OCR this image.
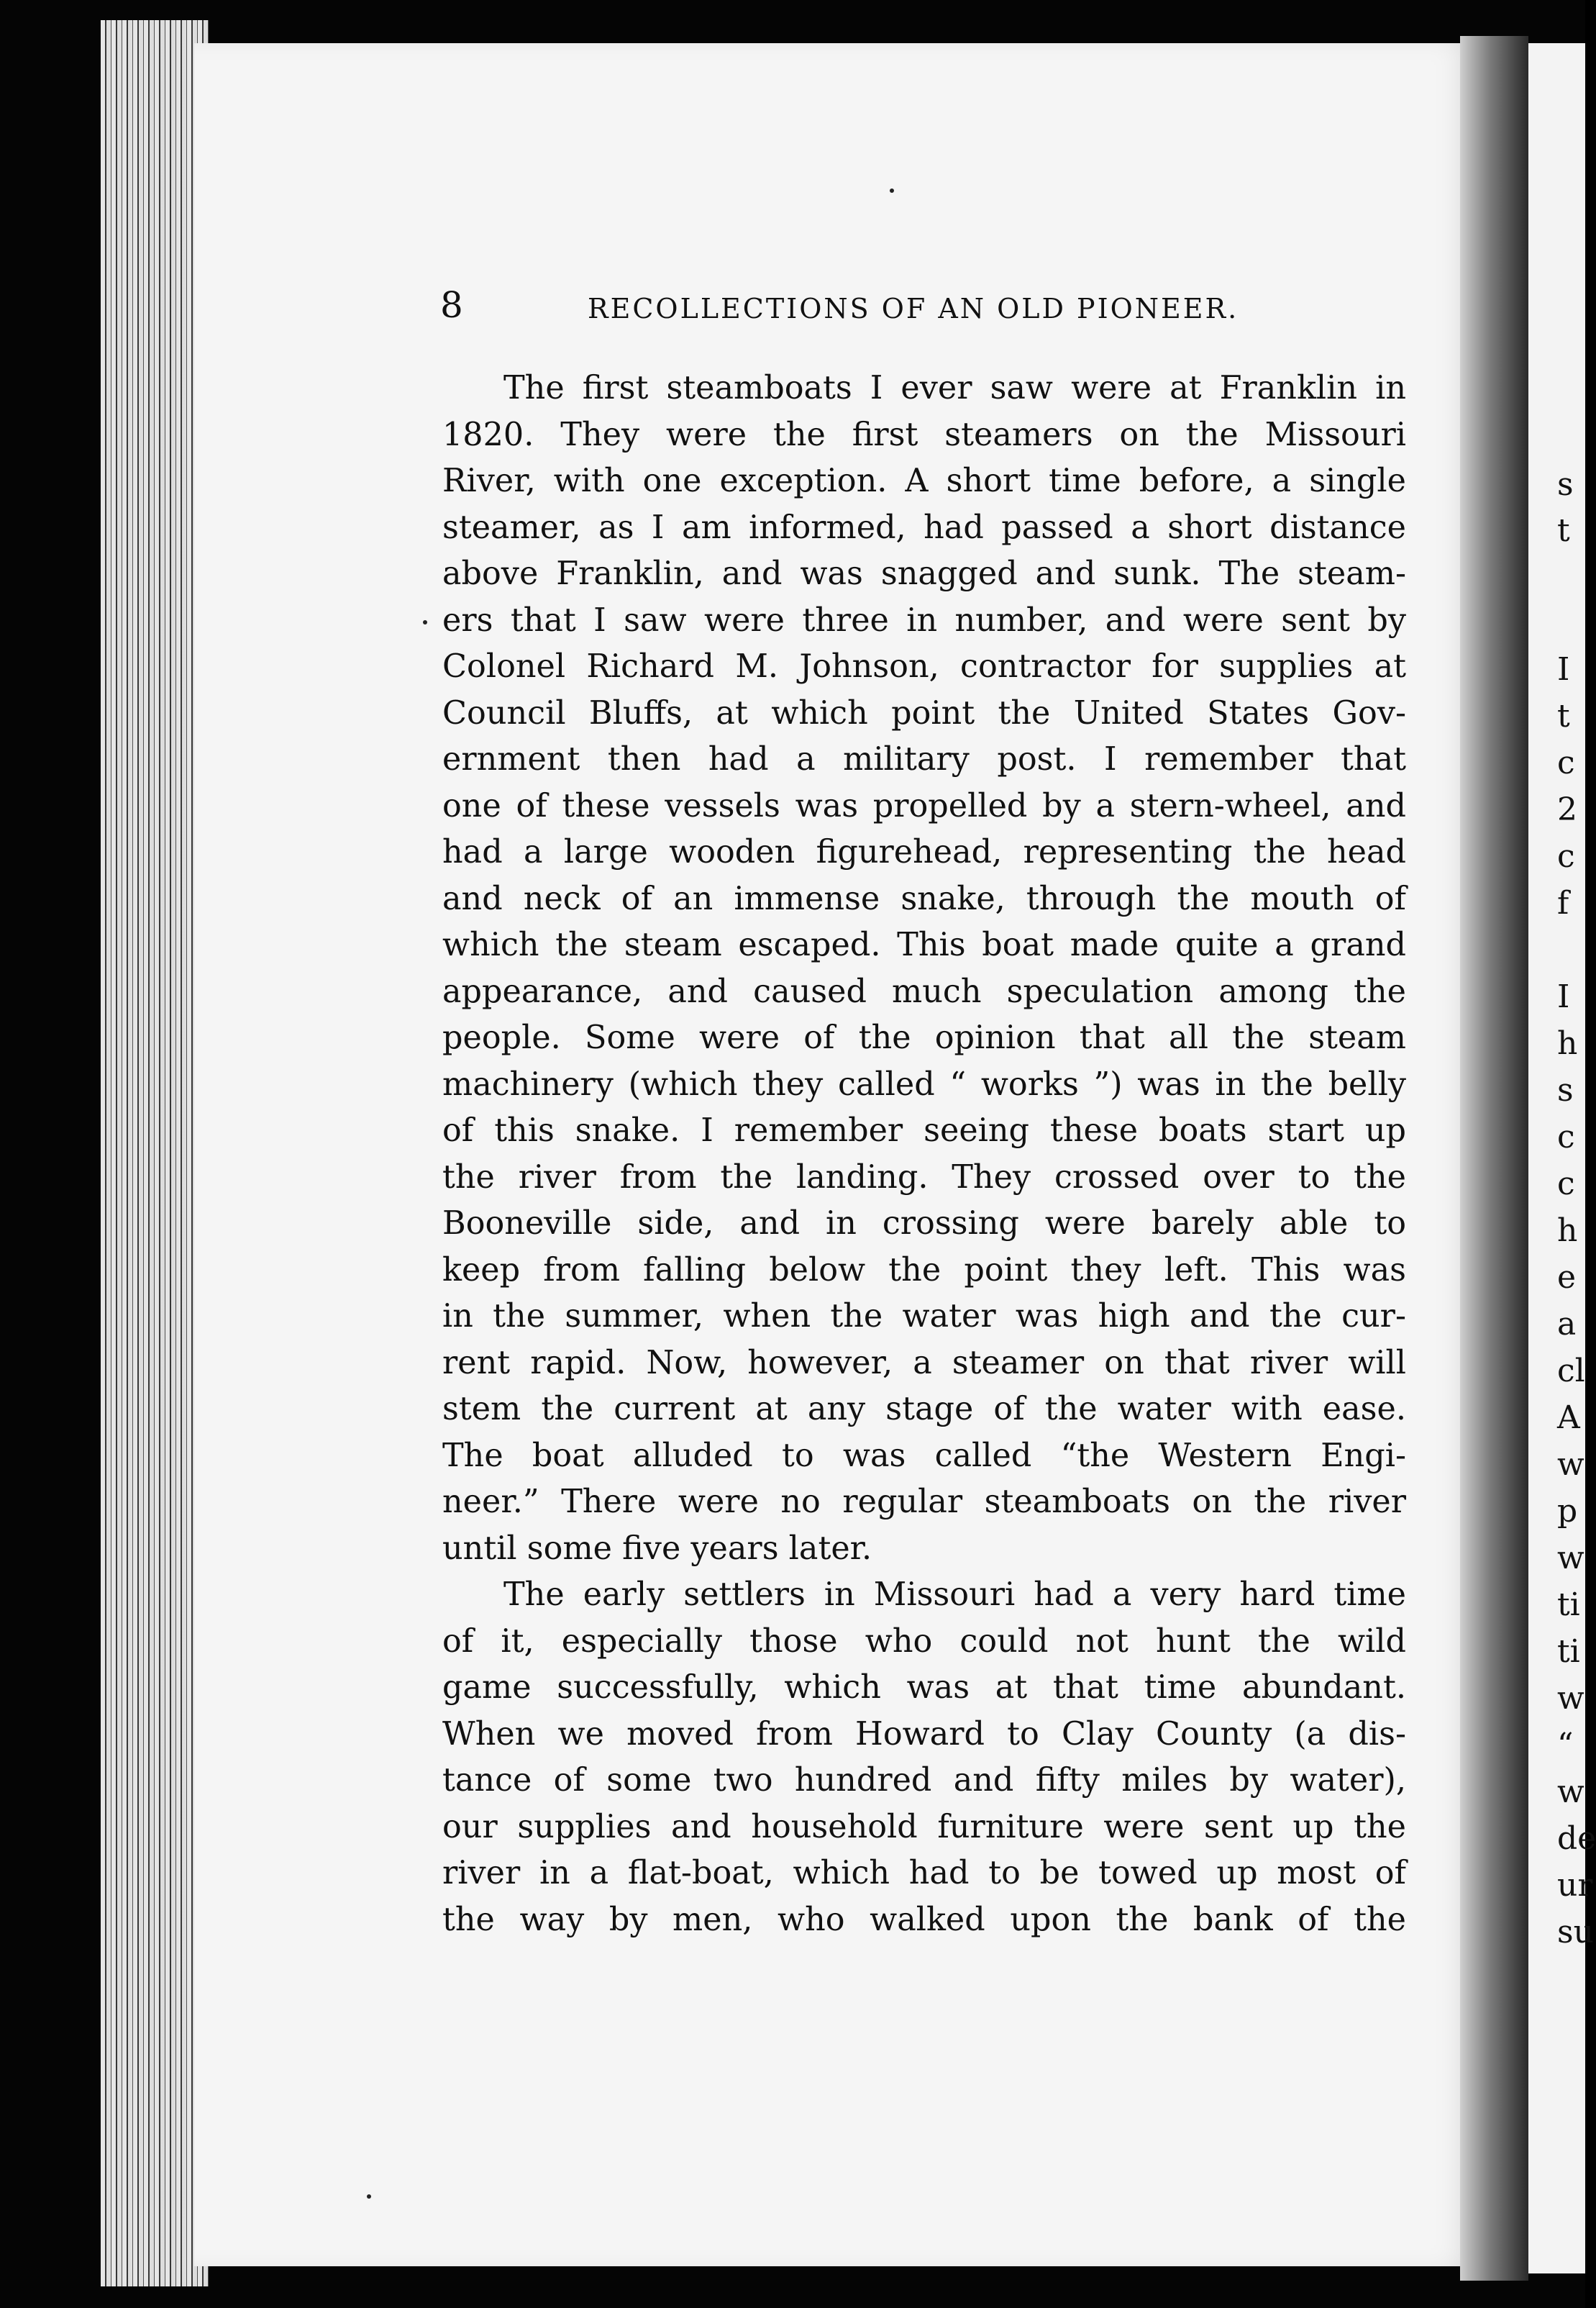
s
t
I
t
c
2
c
f
I
h
s
c
c
h
e
a
cl
A
w
p
w
ti
ti
w
“
w
de
ur
su
8	RECOLLECTIONS OF AN OLD PIONEER.
The first steamboats I ever saw were at Franklin in
1820. They were the first steamers on the Missouri
River, with one exception. A short time before, a single
steamer, as I am informed, had passed a short distance
above Franklin, and was snagged and sunk. The steam-
ers that I saw were three in number, and were sent by
Colonel Richard M. Johnson, contractor for supplies at
Council Bluffs, at which point the United States Gov-
ernment then had a military post. I remember that
one of these vessels was propelled by a stern-wheel, and
had a large wooden figurehead, representing the head
and neck of an immense snake, through the mouth of
which the steam escaped. This boat made quite a grand
appearance, and caused much speculation among the
people. Some were of the opinion that all the steam
machinery (which they called “ works ”) was in the belly
of this snake. I remember seeing these boats start up
the river from the landing. They crossed over to the
Booneville side, and in crossing were barely able to
keep from falling below the point they left. This was
in the summer, when the water was high and the cur-
rent rapid. Now, however, a steamer on that river will
stem the current at any stage of the water with ease.
The boat alluded to was called “the Western Engi-
neer.” There were no regular steamboats on the river
until some five years later.
The early settlers in Missouri had a very hard time
of it, especially those who could not hunt the wild
game successfully, which was at that time abundant.
When we moved from Howard to Clay County (a dis-
tance of some two hundred and fifty miles by water),
our supplies and household furniture were sent up the
river in a flat-boat, which had to be towed up most of
the way by men, who walked upon the bank of the
